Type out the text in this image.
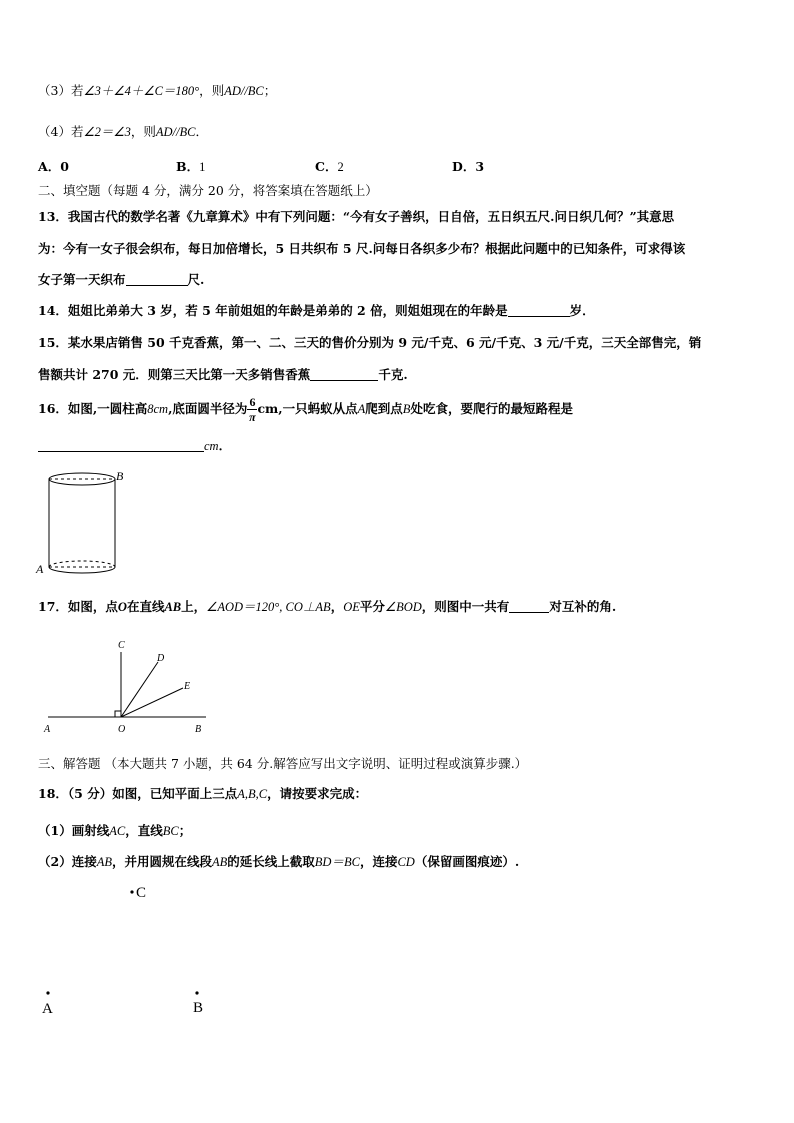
（3）若∠3＋∠4＋∠C＝180°，则AD//BC；
（4）若∠2＝∠3，则AD//BC．
A．0	B．1	C．2	D．3
二、填空题（每题 4 分，满分 20 分，将答案填在答题纸上）
13．我国古代的数学名著《九章算术》中有下列问题：“今有女子善织，日自倍，五日织五尺.问日织几何？”其意思
为：今有一女子很会织布，每日加倍增长，5 日共织布 5 尺.问每日各织多少布？根据此问题中的已知条件，可求得该
女子第一天织布	尺.
14．姐姐比弟弟大 3 岁，若 5 年前姐姐的年龄是弟弟的 2 倍，则姐姐现在的年龄是	岁．
15．某水果店销售 50 千克香蕉，第一、二、三天的售价分别为 9 元/千克、6 元/千克、3 元/千克，三天全部售完，销
售额共计 270 元．则第三天比第一天多销售香蕉	千克.
16．如图,一圆柱高8cm,底面圆半径为 $\frac{6}{\pi}$ cm,一只蚂蚁从点A爬到点B处吃食，要爬行的最短路程是
cm．
B
A
17．如图，点O在直线AB上，∠AOD＝120°, CO⊥AB，OE平分∠BOD，则图中一共有	对互补的角.
C
D
E
A	O	B
三、解答题 （本大题共 7 小题，共 64 分.解答应写出文字说明、证明过程或演算步骤.）
18．（5 分）如图，已知平面上三点A,B,C，请按要求完成：
（1）画射线AC，直线BC；
（2）连接AB，并用圆规在线段AB的延长线上截取BD＝BC，连接CD（保留画图痕迹）.
C
A	B
